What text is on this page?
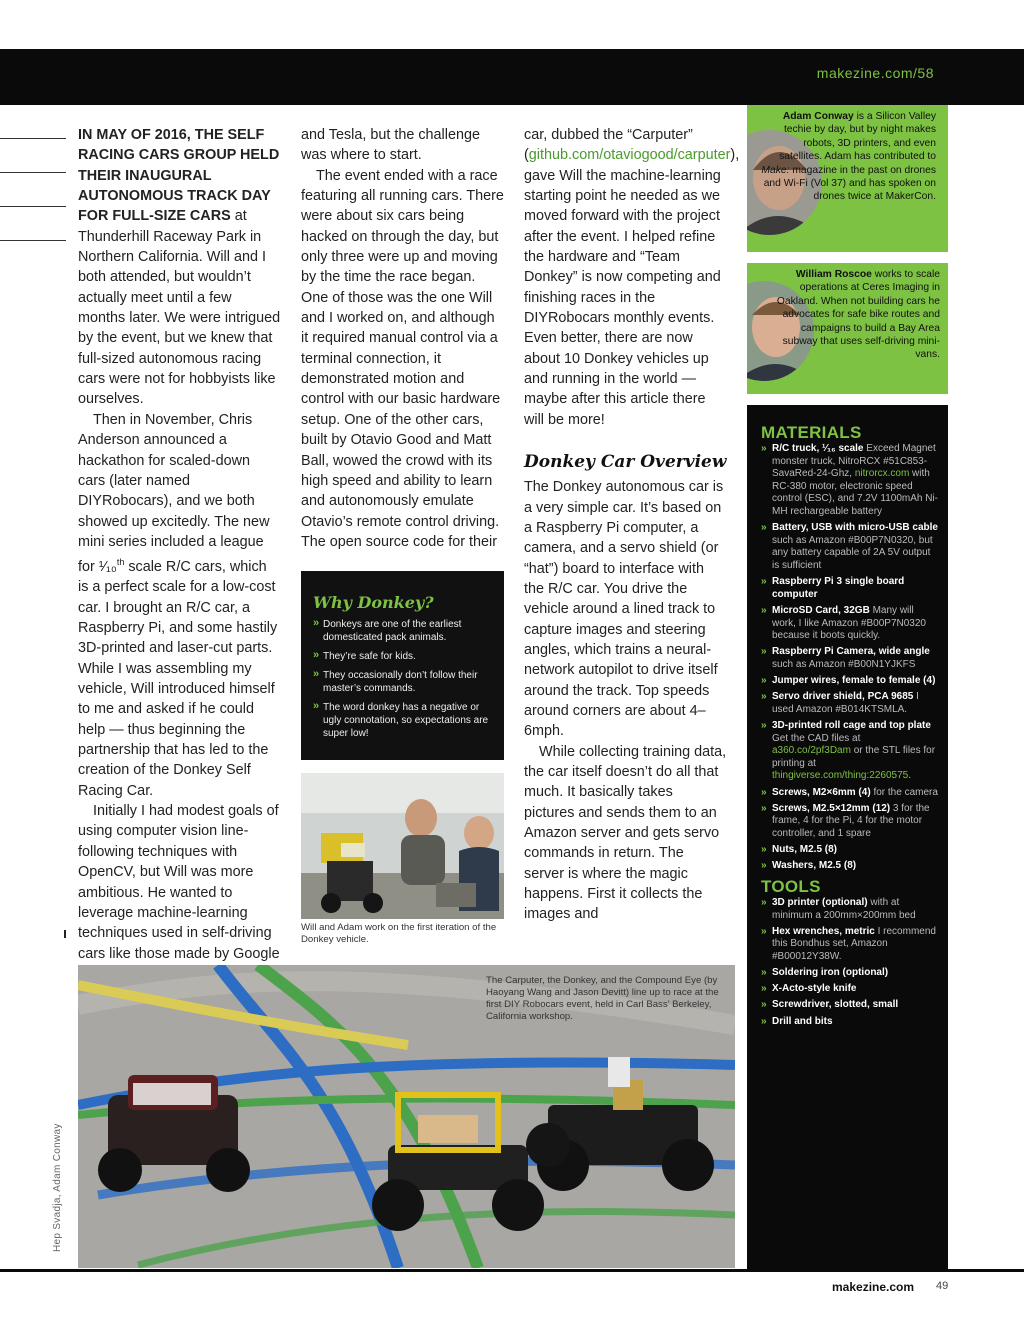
makezine.com/58

IN MAY OF 2016, THE SELF RACING CARS GROUP HELD THEIR INAUGURAL AUTONOMOUS TRACK DAY FOR FULL-SIZE CARS at Thunderhill Raceway Park in Northern California. Will and I both attended, but wouldn’t actually meet until a few months later. We were intrigued by the event, but we knew that full-sized autonomous racing cars were not for hobbyists like ourselves.

Then in November, Chris Anderson announced a hackathon for scaled-down cars (later named DIYRobocars), and we both showed up excitedly. The new mini series included a league for ¹⁄₁₀$^{th}$ scale R/C cars, which is a perfect scale for a low-cost car. I brought an R/C car, a Raspberry Pi, and some hastily 3D-printed and laser-cut parts. While I was assembling my vehicle, Will introduced himself to me and asked if he could help — thus beginning the partnership that has led to the creation of the Donkey Self Racing Car.

Initially I had modest goals of using computer vision line-following techniques with OpenCV, but Will was more ambitious. He wanted to leverage machine-learning techniques used in self-driving cars like those made by Google

and Tesla, but the challenge was where to start.

The event ended with a race featuring all running cars. There were about six cars being hacked on through the day, but only three were up and moving by the time the race began. One of those was the one Will and I worked on, and although it required manual control via a terminal connection, it demonstrated motion and control with our basic hardware setup. One of the other cars, built by Otavio Good and Matt Ball, wowed the crowd with its high speed and ability to learn and autonomously emulate Otavio’s remote control driving. The open source code for their

car, dubbed the “Carputer” (github.com/otaviogood/carputer), gave Will the machine-learning starting point he needed as we moved forward with the project after the event. I helped refine the hardware and “Team Donkey” is now competing and finishing races in the DIYRobocars monthly events. Even better, there are now about 10 Donkey vehicles up and running in the world — maybe after this article there will be more!

Donkey Car Overview

The Donkey autonomous car is a very simple car. It’s based on a Raspberry Pi computer, a camera, and a servo shield (or “hat”) board to interface with the R/C car. You drive the vehicle around a lined track to capture images and steering angles, which trains a neural-network autopilot to drive itself around the track. Top speeds around corners are about 4–6mph.

While collecting training data, the car itself doesn’t do all that much. It basically takes pictures and sends them to an Amazon server and gets servo commands in return. The server is where the magic happens. First it collects the images and

Why Donkey?
» Donkeys are one of the earliest domesticated pack animals.
» They’re safe for kids.
» They occasionally don’t follow their master’s commands.
» The word donkey has a negative or ugly connotation, so expectations are super low!
Will and Adam work on the first iteration of the Donkey vehicle.
The Carputer, the Donkey, and the Compound Eye (by Haoyang Wang and Jason Devitt) line up to race at the first DIY Robocars event, held in Carl Bass’ Berkeley, California workshop.
Hep Svadja, Adam Conway
Adam Conway is a Silicon Valley techie by day, but by night makes robots, 3D printers, and even satellites. Adam has contributed to Make: magazine in the past on drones and Wi-Fi (Vol 37) and has spoken on drones twice at MakerCon.
William Roscoe works to scale operations at Ceres Imaging in Oakland. When not building cars he advocates for safe bike routes and campaigns to build a Bay Area subway that uses self-driving mini-vans.
MATERIALS
» R/C truck, ¹⁄₁₆ scale Exceed Magnet monster truck, NitroRCX #51C853-SavaRed-24-Ghz, nitrorcx.com with RC-380 motor, electronic speed control (ESC), and 7.2V 1100mAh Ni-MH rechargeable battery
» Battery, USB with micro-USB cable such as Amazon #B00P7N0320, but any battery capable of 2A 5V output is sufficient
» Raspberry Pi 3 single board computer
» MicroSD Card, 32GB Many will work, I like Amazon #B00P7N0320 because it boots quickly.
» Raspberry Pi Camera, wide angle such as Amazon #B00N1YJKFS
» Jumper wires, female to female (4)
» Servo driver shield, PCA 9685 I used Amazon #B014KTSMLA.
» 3D-printed roll cage and top plate Get the CAD files at a360.co/2pf3Dam or the STL files for printing at thingiverse.com/thing:2260575.
» Screws, M2×6mm (4) for the camera
» Screws, M2.5×12mm (12) 3 for the frame, 4 for the Pi, 4 for the motor controller, and 1 spare
» Nuts, M2.5 (8)
» Washers, M2.5 (8)
TOOLS
» 3D printer (optional) with at minimum a 200mm×200mm bed
» Hex wrenches, metric I recommend this Bondhus set, Amazon #B00012Y38W.
» Soldering iron (optional)
» X-Acto-style knife
» Screwdriver, slotted, small
» Drill and bits
makezine.com 49
